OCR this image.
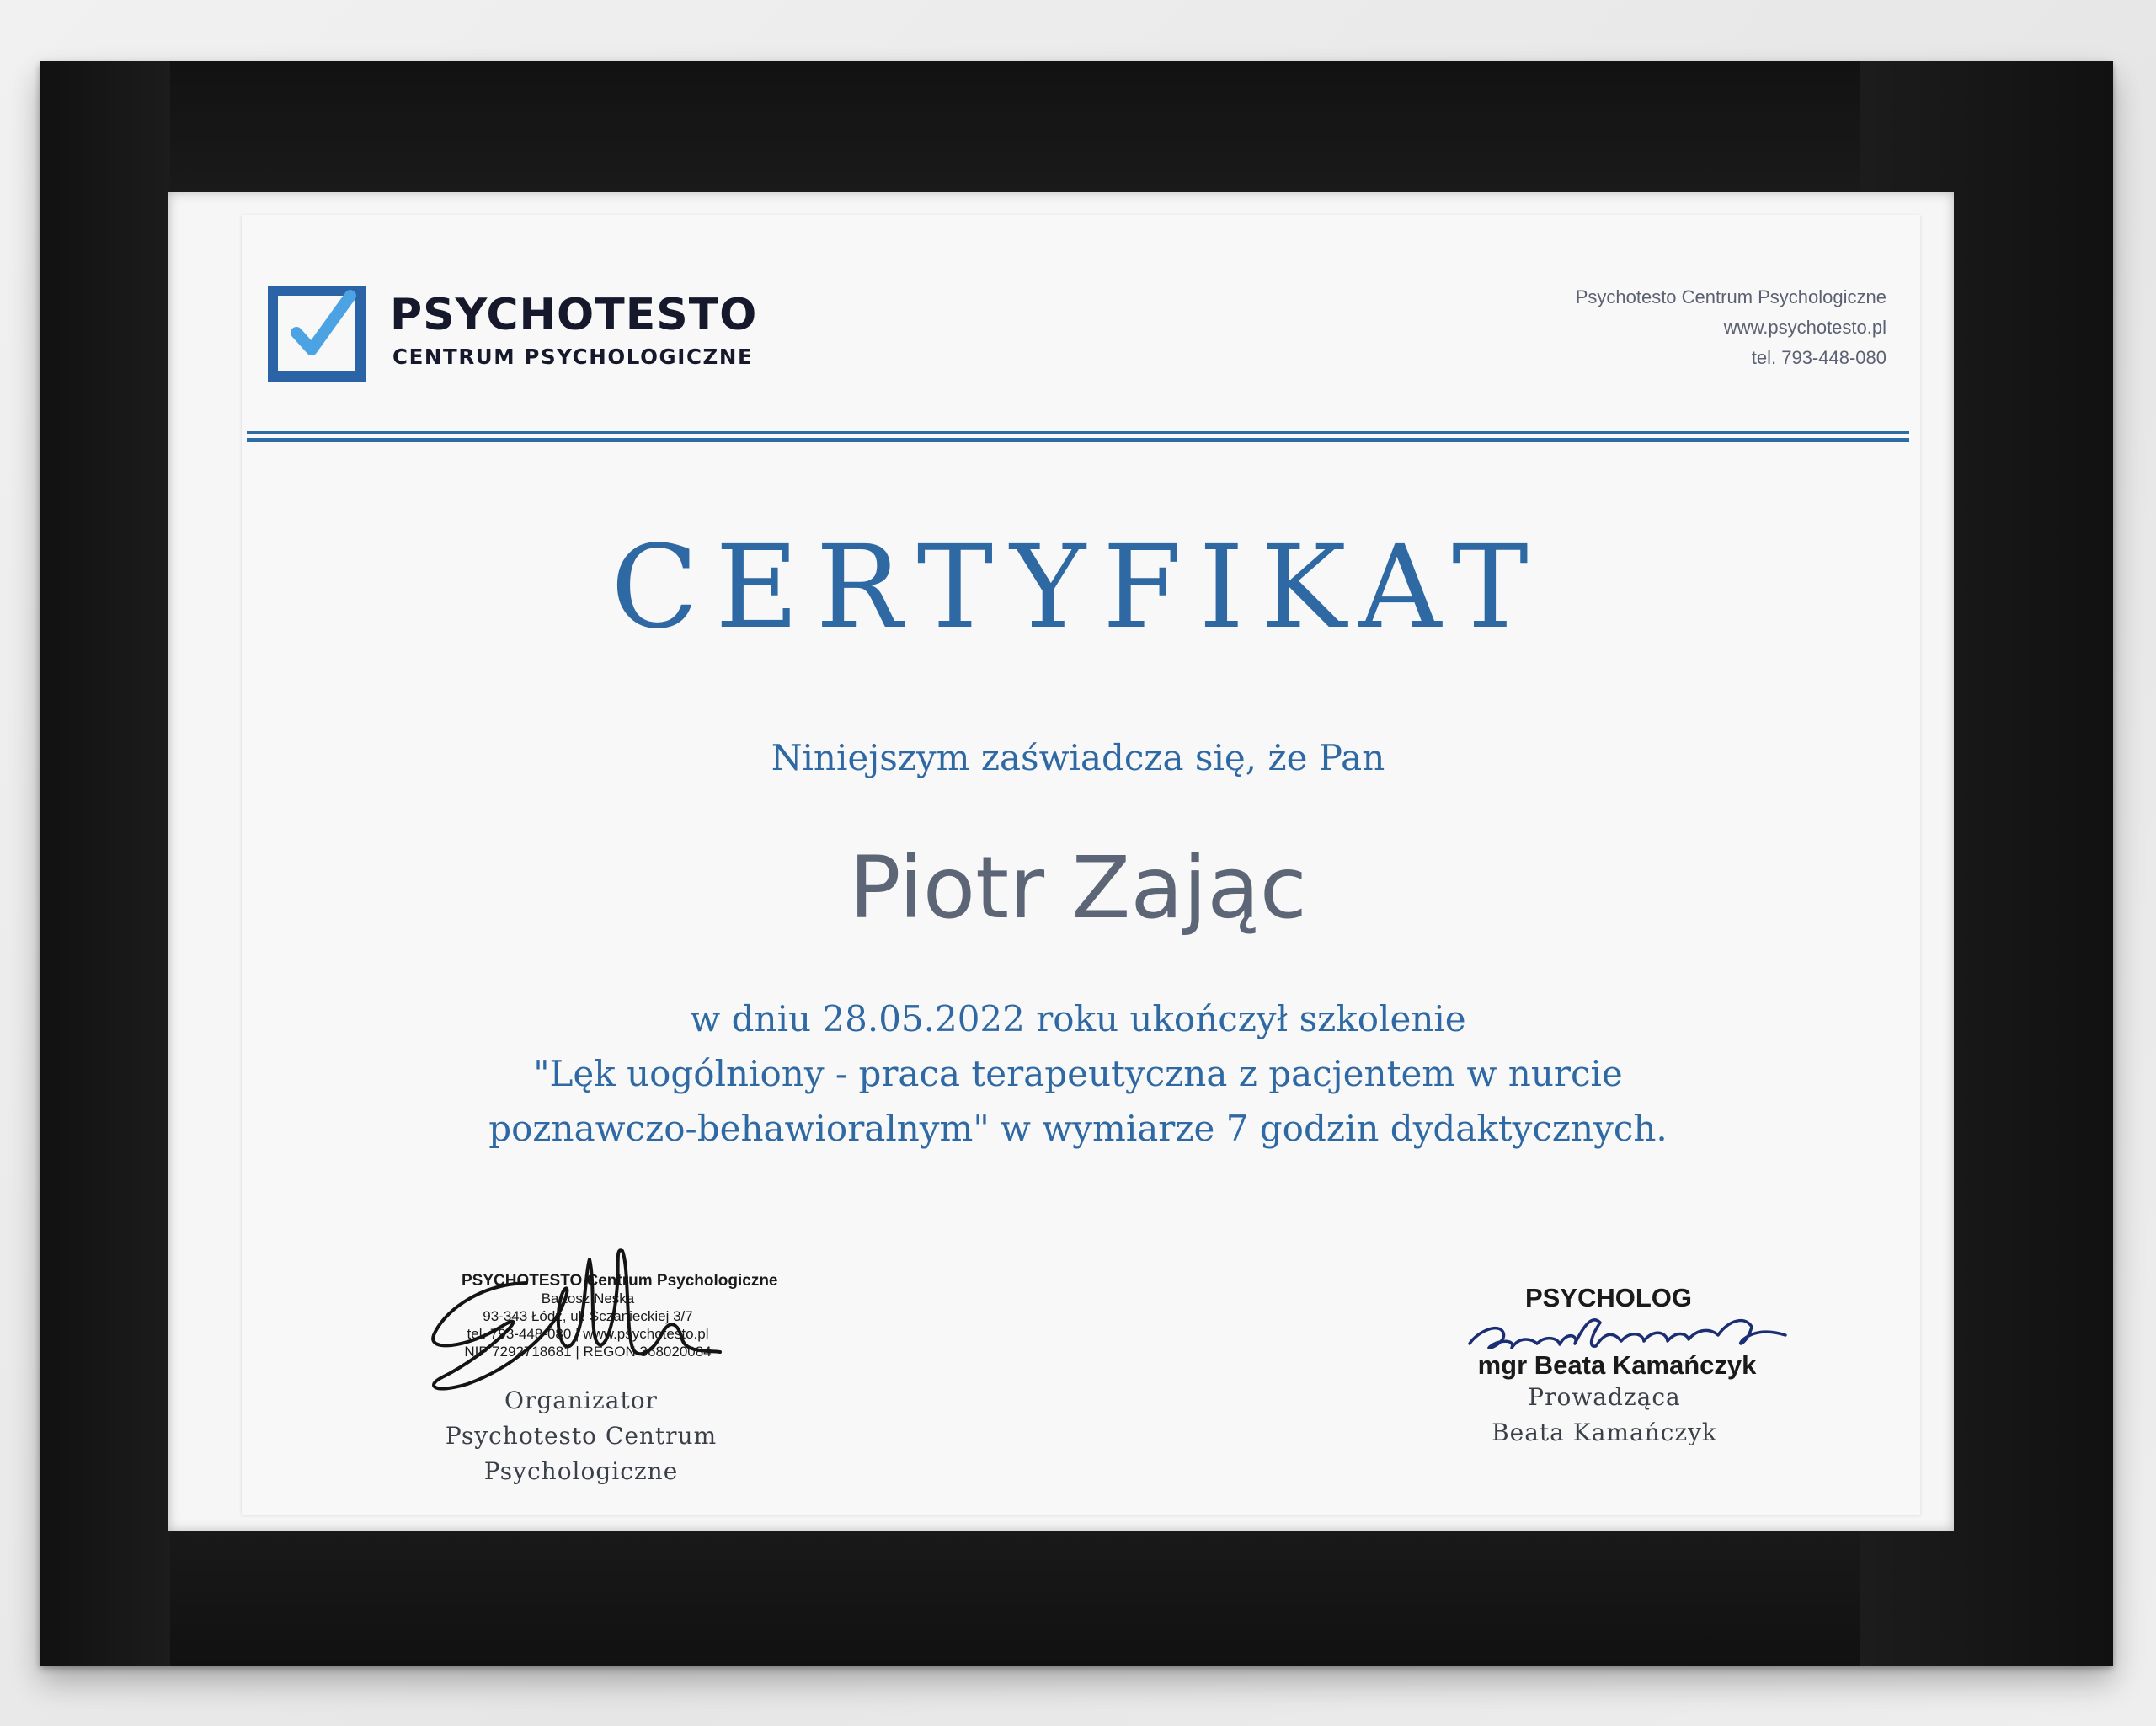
PSYCHOTESTO

CENTRUM PSYCHOLOGICZNE

Psychotesto Centrum Psychologiczne
www.psychotesto.pl
tel. 793-448-080
CERTYFIKAT
Niniejszym zaświadcza się, że Pan
Piotr Zając
w dniu 28.05.2022 roku ukończył szkolenie
"Lęk uogólniony - praca terapeutyczna z pacjentem w nurcie
poznawczo-behawioralnym" w wymiarze 7 godzin dydaktycznych.
PSYCHOTESTO Centrum Psychologiczne
Bartosz Neska
93-343 Łódź, ul. Sczanieckiej 3/7
tel. 793-448-080 | www.psychotesto.pl
NIP 7292718681 | REGON 368020084
Organizator
Psychotesto Centrum Psychologiczne
PSYCHOLOG
mgr Beata Kamańczyk
Prowadząca
Beata Kamańczyk
